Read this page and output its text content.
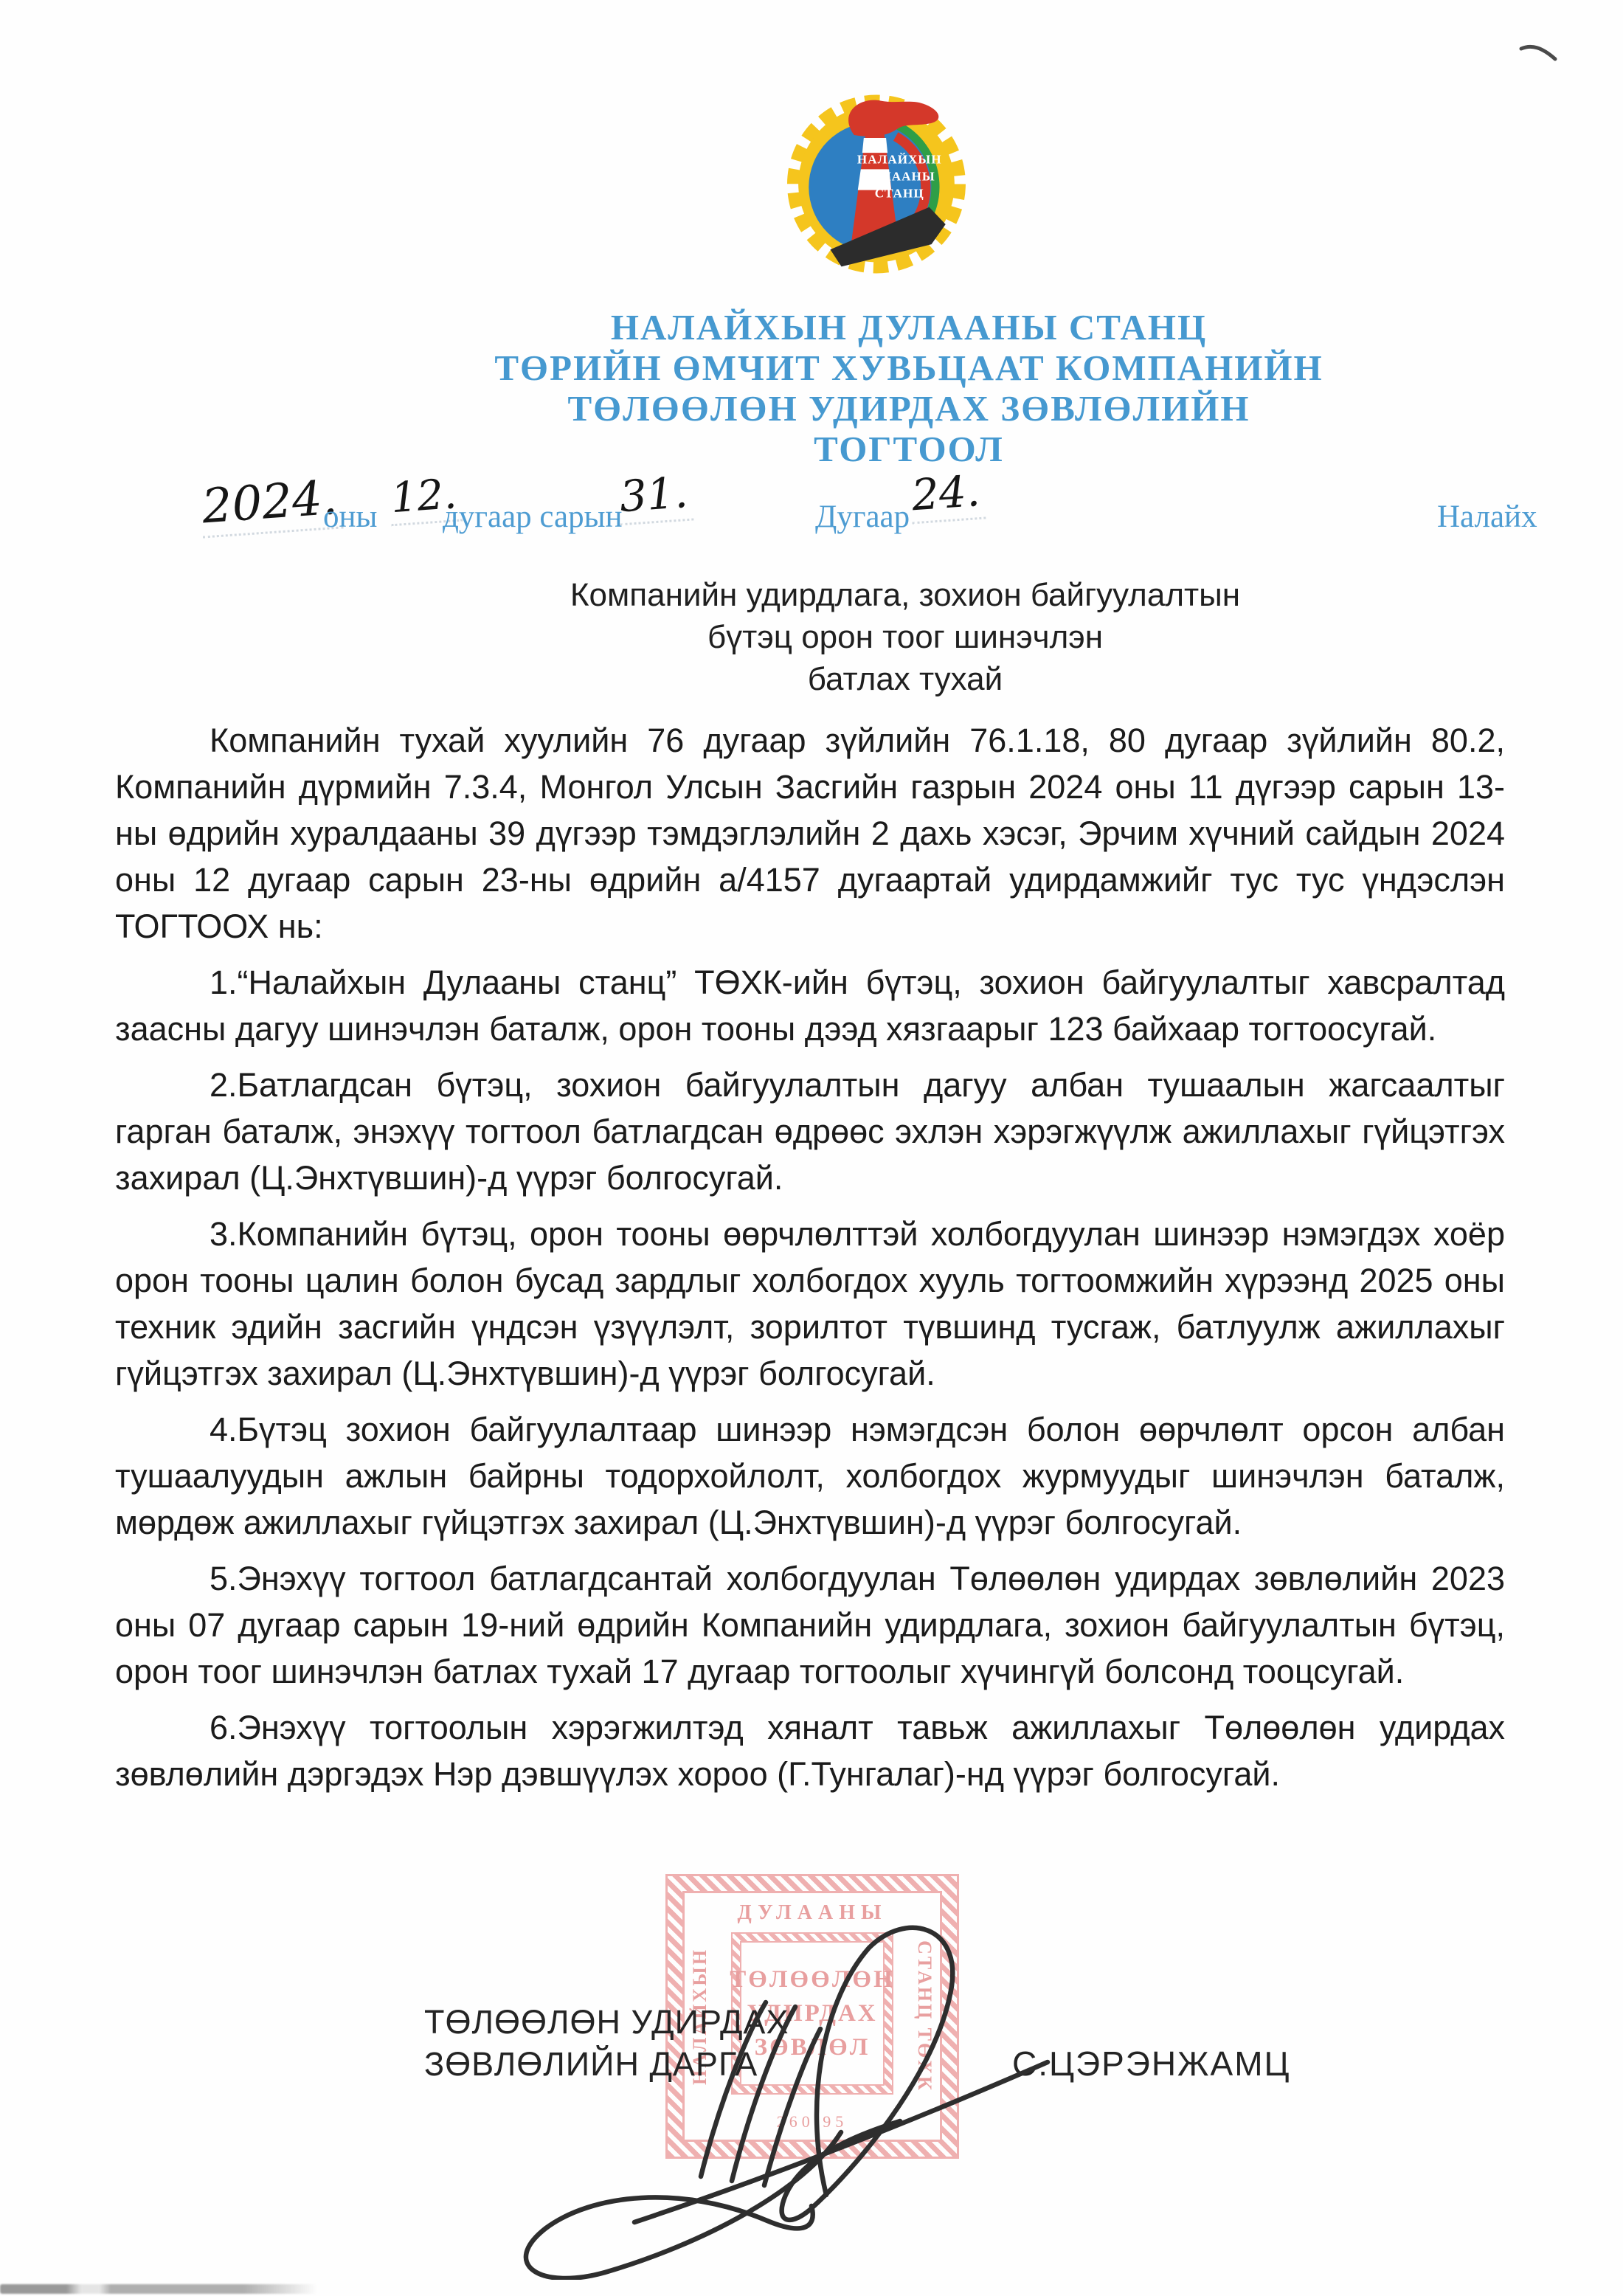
НАЛАЙХЫН
ДУЛААНЫ
СТАНЦ
НАЛАЙХЫН ДУЛААНЫ СТАНЦ
ТӨРИЙН ӨМЧИТ ХУВЬЦААТ КОМПАНИЙН
ТӨЛӨӨЛӨН УДИРДАХ ЗӨВЛӨЛИЙН
ТОГТООЛ
2024.
оны 12.
дугаар сарын
31.	Дугаар 24.	Налайх
Компанийн удирдлага, зохион байгуулалтын
бүтэц орон тоог шинэчлэн
батлах тухай

Компанийн тухай хуулийн 76 дугаар зүйлийн 76.1.18, 80 дугаар зүйлийн 80.2, Компанийн дүрмийн 7.3.4, Монгол Улсын Засгийн газрын 2024 оны 11 дүгээр сарын 13-ны өдрийн хуралдааны 39 дүгээр тэмдэглэлийн 2 дахь хэсэг, Эрчим хүчний сайдын 2024 оны 12 дугаар сарын 23-ны өдрийн а/4157 дугаартай удирдамжийг тус тус үндэслэн ТОГТООХ нь:

1.“Налайхын Дулааны станц” ТӨХК-ийн бүтэц, зохион байгуулалтыг хавсралтад заасны дагуу шинэчлэн баталж, орон тооны дээд хязгаарыг 123 байхаар тогтоосугай.

2.Батлагдсан бүтэц, зохион байгуулалтын дагуу албан тушаалын жагсаалтыг гарган баталж, энэхүү тогтоол батлагдсан өдрөөс эхлэн хэрэгжүүлж ажиллахыг гүйцэтгэх захирал (Ц.Энхтүвшин)-д үүрэг болгосугай.

3.Компанийн бүтэц, орон тооны өөрчлөлттэй холбогдуулан шинээр нэмэгдэх хоёр орон тооны цалин болон бусад зардлыг холбогдох хууль тогтоомжийн хүрээнд 2025 оны техник эдийн засгийн үндсэн үзүүлэлт, зорилтот түвшинд тусгаж, батлуулж ажиллахыг гүйцэтгэх захирал (Ц.Энхтүвшин)-д үүрэг болгосугай.

4.Бүтэц зохион байгуулалтаар шинээр нэмэгдсэн болон өөрчлөлт орсон албан тушаалуудын ажлын байрны тодорхойлолт, холбогдох журмуудыг шинэчлэн баталж, мөрдөж ажиллахыг гүйцэтгэх захирал (Ц.Энхтүвшин)-д үүрэг болгосугай.

5.Энэхүү тогтоол батлагдсантай холбогдуулан Төлөөлөн удирдах зөвлөлийн 2023 оны 07 дугаар сарын 19-ний өдрийн Компанийн удирдлага, зохион байгуулалтын бүтэц, орон тоог шинэчлэн батлах тухай 17 дугаар тогтоолыг хүчингүй болсонд тооцсугай.

6.Энэхүү тогтоолын хэрэгжилтэд хяналт тавьж ажиллахыг Төлөөлөн удирдах зөвлөлийн дэргэдэх Нэр дэвшүүлэх хороо (Г.Тунгалаг)-нд үүрэг болгосугай.

ДУЛААНЫ
НАЛАЙХЫН	СТАНЦ ТӨХК
ТӨЛӨӨЛӨН
УДИРДАХ
ЗӨВЛӨЛ
260 95
ТӨЛӨӨЛӨН УДИРДАХ
ЗӨВЛӨЛИЙН ДАРГА	С.ЦЭРЭНЖАМЦ
